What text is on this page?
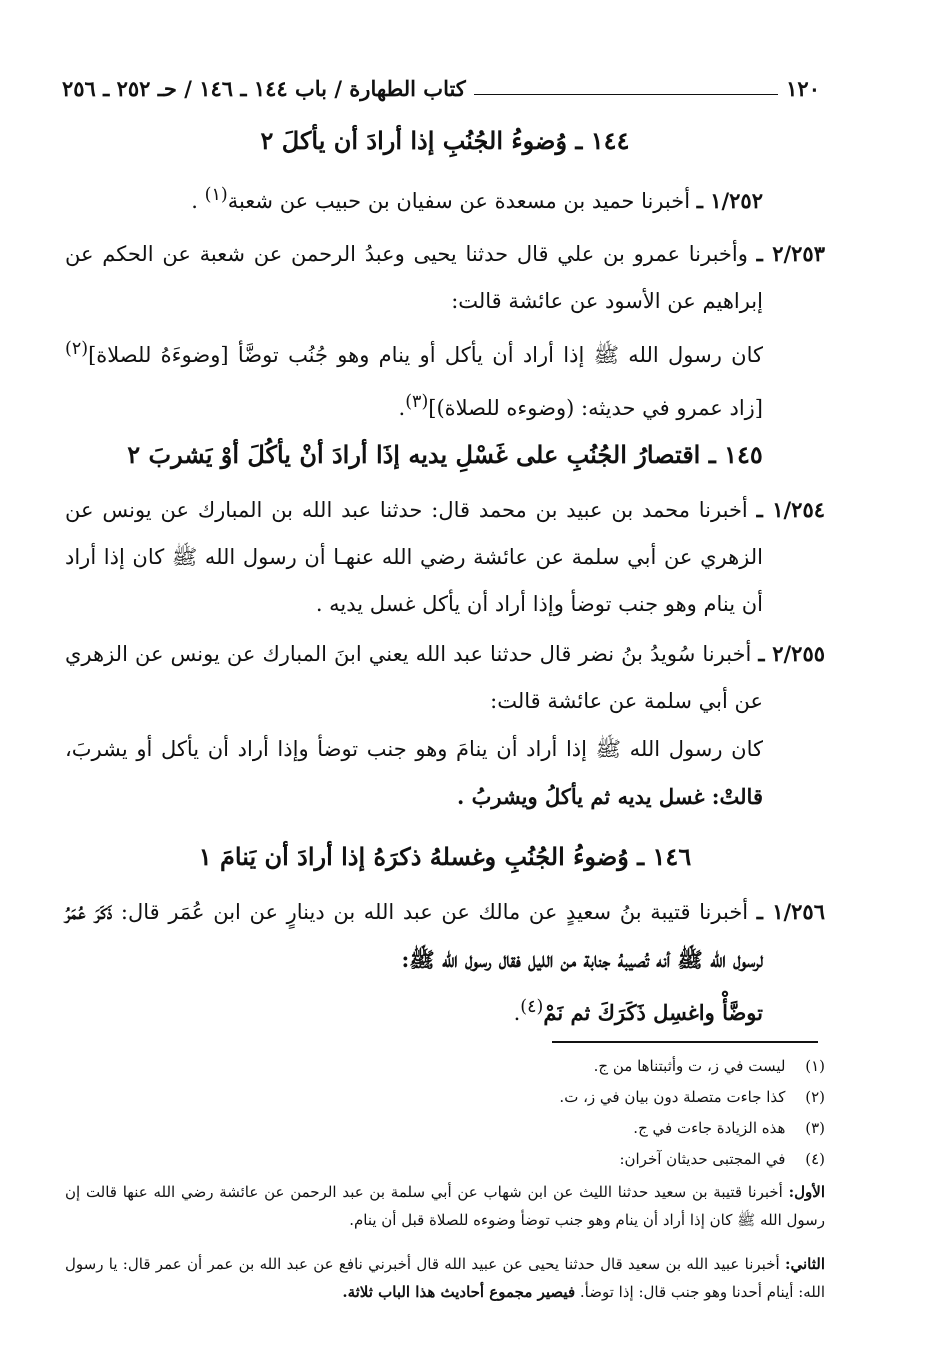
١٢٠
كتاب الطهارة / باب ١٤٤ ـ ١٤٦ / حـ ٢٥٢ ـ ٢٥٦
١٤٤ ـ وُضوءُ الجُنُبِ إذا أرادَ أن يأكلَ ٢

١/٢٥٢ ـ أخبرنا حميد بن مسعدة عن سفيان بن حبيب عن شعبة$^{(١)}$ .

٢/٢٥٣ ـ وأخبرنا عمرو بن علي قال حدثنا يحيى وعبدُ الرحمن عن شعبة عن الحكم عن إبراهيم عن الأسود عن عائشة قالت:

كان رسول الله ﷺ إذا أراد أن يأكل أو ينام وهو جُنُب توضَّأ [وضوءَهُ للصلاة]$^{(٢)}$ [زاد عمرو في حديثه: (وضوءه للصلاة)]$^{(٣)}$.

١٤٥ ـ اقتصارُ الجُنُبِ على غَسْلِ يديه إذَا أرادَ أنْ يأكُلَ أوْ يَشربَ ٢

١/٢٥٤ ـ أخبرنا محمد بن عبيد بن محمد قال: حدثنا عبد الله بن المبارك عن يونس عن الزهري عن أبي سلمة عن عائشة رضي الله عنهـا أن رسول الله ﷺ كان إذا أراد أن ينام وهو جنب توضأ وإذا أراد أن يأكل غسل يديه .

٢/٢٥٥ ـ أخبرنا سُويدُ بنُ نضر قال حدثنا عبد الله يعني ابنَ المبارك عن يونس عن الزهري عن أبي سلمة عن عائشة قالت:

كان رسول الله ﷺ إذا أراد أن ينامَ وهو جنب توضأ وإذا أراد أن يأكل أو يشربَ، قالتْ: غسل يديه ثم يأكلُ ويشربُ .

١٤٦ ـ وُضوءُ الجُنُبِ وغسلهُ ذكرَهُ إذا أرادَ أن يَنامَ ١

١/٢٥٦ ـ أخبرنا قتيبة بنُ سعيدٍ عن مالك عن عبد الله بن دينارٍ عن ابن عُمَر قال: ذَكَرَ عُمَرُ لرسول الله ﷺ أنه تُصيبهُ جنابة من الليل فقال رسول الله ﷺ:

توضَّأْ واغسِل ذَكَرَكَ ثم نَمْ$^{(٤)}$.

(١)  ليست في ز، ت وأثبتناها من ج.

(٢)  كذا جاءت متصلة دون بيان في ز، ت.

(٣)  هذه الزيادة جاءت في ج.

(٤)  في المجتبى حديثان آخران:

الأول: أخبرنا قتيبة بن سعيد حدثنا الليث عن ابن شهاب عن أبي سلمة بن عبد الرحمن عن عائشة رضي الله عنها قالت إن رسول الله ﷺ كان إذا أراد أن ينام وهو جنب توضأ وضوءه للصلاة قبل أن ينام.

الثاني: أخبرنا عبيد الله بن سعيد قال حدثنا يحيى عن عبيد الله قال أخبرني نافع عن عبد الله بن عمر أن عمر قال: يا رسول الله: أينام أحدنا وهو جنب قال: إذا توضأ. فيصير مجموع أحاديث هذا الباب ثلاثة.
